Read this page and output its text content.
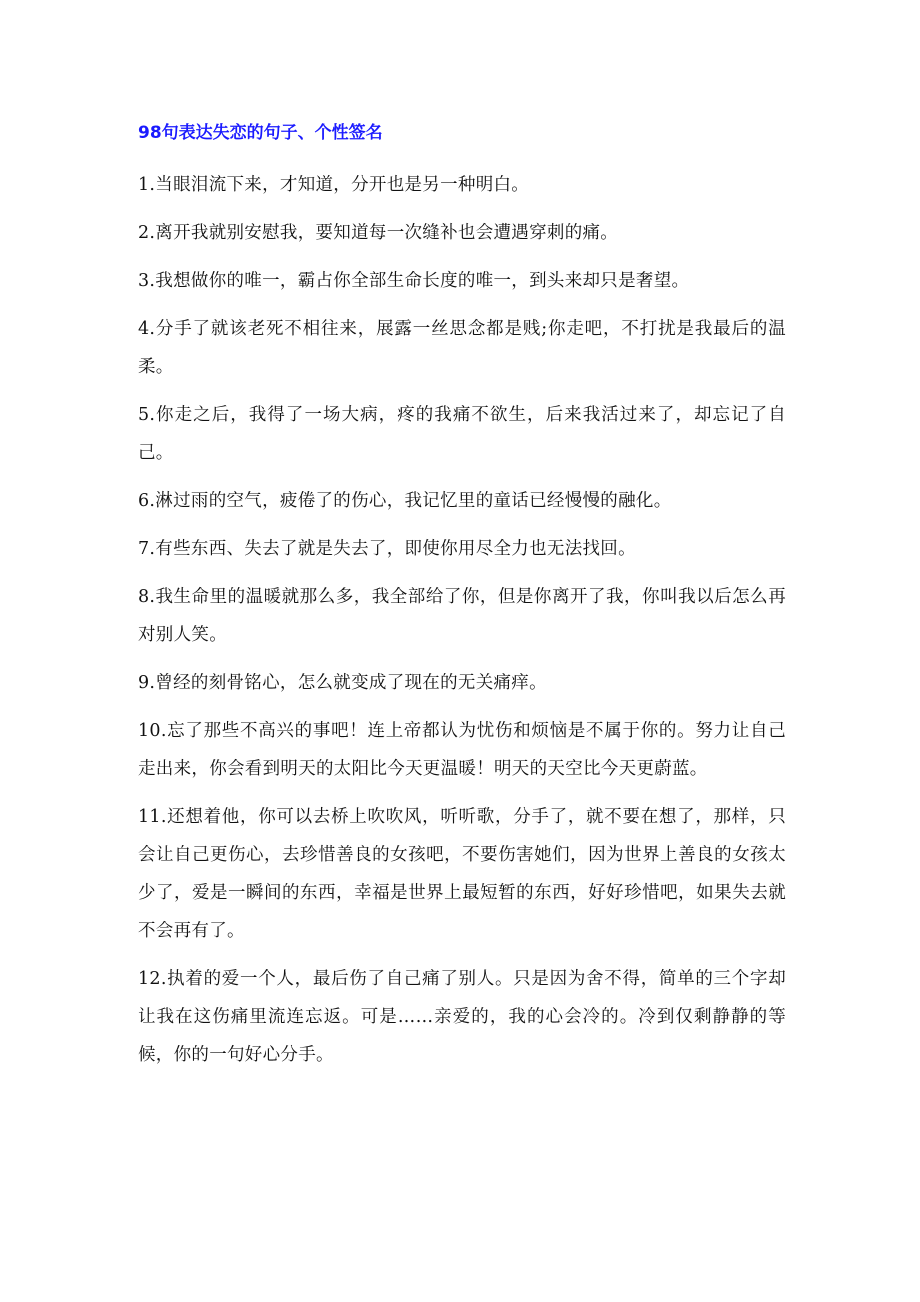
98句表达失恋的句子、个性签名

1.当眼泪流下来，才知道，分开也是另一种明白。

2.离开我就别安慰我，要知道每一次缝补也会遭遇穿刺的痛。

3.我想做你的唯一，霸占你全部生命长度的唯一，到头来却只是奢望。

4.分手了就该老死不相往来，展露一丝思念都是贱;你走吧，不打扰是我最后的温柔。

5.你走之后，我得了一场大病，疼的我痛不欲生，后来我活过来了，却忘记了自己。

6.淋过雨的空气，疲倦了的伤心，我记忆里的童话已经慢慢的融化。

7.有些东西、失去了就是失去了，即使你用尽全力也无法找回。

8.我生命里的温暖就那么多，我全部给了你，但是你离开了我，你叫我以后怎么再对别人笑。

9.曾经的刻骨铭心，怎么就变成了现在的无关痛痒。

10.忘了那些不高兴的事吧！连上帝都认为忧伤和烦恼是不属于你的。努力让自己走出来，你会看到明天的太阳比今天更温暖！明天的天空比今天更蔚蓝。

11.还想着他，你可以去桥上吹吹风，听听歌，分手了，就不要在想了，那样，只会让自己更伤心，去珍惜善良的女孩吧，不要伤害她们，因为世界上善良的女孩太少了，爱是一瞬间的东西，幸福是世界上最短暂的东西，好好珍惜吧，如果失去就不会再有了。

12.执着的爱一个人，最后伤了自己痛了别人。只是因为舍不得，简单的三个字却让我在这伤痛里流连忘返。可是……亲爱的，我的心会冷的。冷到仅剩静静的等候，你的一句好心分手。
